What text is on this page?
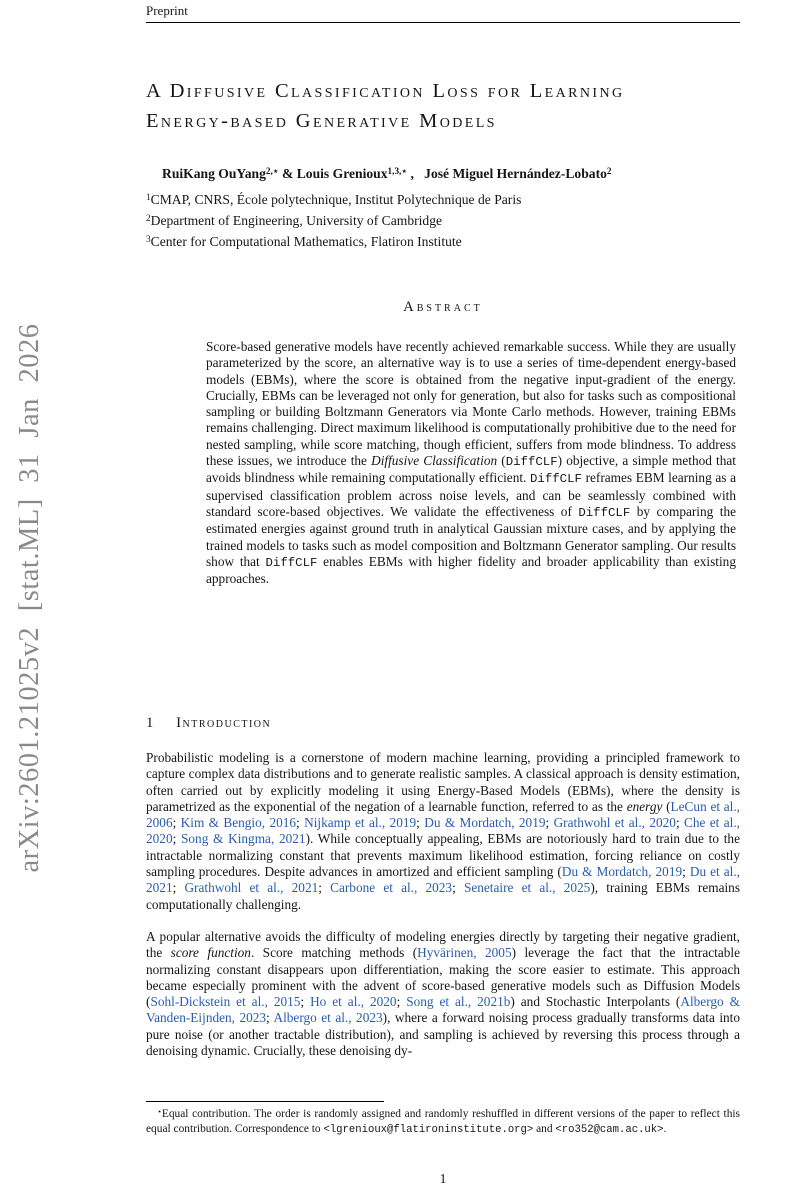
arXiv:2601.21025v2 [stat.ML] 31 Jan 2026
Preprint
A Diffusive Classification Loss for Learning
Energy-based Generative Models
RuiKang OuYang$^{2,⋆}$ & Louis Grenioux$^{1,3,⋆}$ ,   José Miguel Hernández-Lobato$^2$
$^1$CMAP, CNRS, École polytechnique, Institut Polytechnique de Paris
$^2$Department of Engineering, University of Cambridge
$^3$Center for Computational Mathematics, Flatiron Institute
Abstract
Score-based generative models have recently achieved remarkable success. While they are usually parameterized by the score, an alternative way is to use a series of time-dependent energy-based models (EBMs), where the score is obtained from the negative input-gradient of the energy. Crucially, EBMs can be leveraged not only for generation, but also for tasks such as compositional sampling or building Boltzmann Generators via Monte Carlo methods. However, training EBMs remains challenging. Direct maximum likelihood is computationally prohibitive due to the need for nested sampling, while score matching, though efficient, suffers from mode blindness. To address these issues, we introduce the Diffusive Classification (DiffCLF) objective, a simple method that avoids blindness while remaining computationally efficient. DiffCLF reframes EBM learning as a supervised classification problem across noise levels, and can be seamlessly combined with standard score-based objectives. We validate the effectiveness of DiffCLF by comparing the estimated energies against ground truth in analytical Gaussian mixture cases, and by applying the trained models to tasks such as model composition and Boltzmann Generator sampling. Our results show that DiffCLF enables EBMs with higher fidelity and broader applicability than existing approaches.
1 Introduction
Probabilistic modeling is a cornerstone of modern machine learning, providing a principled framework to capture complex data distributions and to generate realistic samples. A classical approach is density estimation, often carried out by explicitly modeling it using Energy-Based Models (EBMs), where the density is parametrized as the exponential of the negation of a learnable function, referred to as the energy (LeCun et al., 2006; Kim & Bengio, 2016; Nijkamp et al., 2019; Du & Mordatch, 2019; Grathwohl et al., 2020; Che et al., 2020; Song & Kingma, 2021). While conceptually appealing, EBMs are notoriously hard to train due to the intractable normalizing constant that prevents maximum likelihood estimation, forcing reliance on costly sampling procedures. Despite advances in amortized and efficient sampling (Du & Mordatch, 2019; Du et al., 2021; Grathwohl et al., 2021; Carbone et al., 2023; Senetaire et al., 2025), training EBMs remains computationally challenging.
A popular alternative avoids the difficulty of modeling energies directly by targeting their negative gradient, the score function. Score matching methods (Hyvärinen, 2005) leverage the fact that the intractable normalizing constant disappears upon differentiation, making the score easier to estimate. This approach became especially prominent with the advent of score-based generative models such as Diffusion Models (Sohl-Dickstein et al., 2015; Ho et al., 2020; Song et al., 2021b) and Stochastic Interpolants (Albergo & Vanden-Eijnden, 2023; Albergo et al., 2023), where a forward noising process gradually transforms data into pure noise (or another tractable distribution), and sampling is achieved by reversing this process through a denoising dynamic. Crucially, these denoising dy-
⋆Equal contribution. The order is randomly assigned and randomly reshuffled in different versions of the paper to reflect this equal contribution. Correspondence to <lgrenioux@flatironinstitute.org> and <ro352@cam.ac.uk>.
1
